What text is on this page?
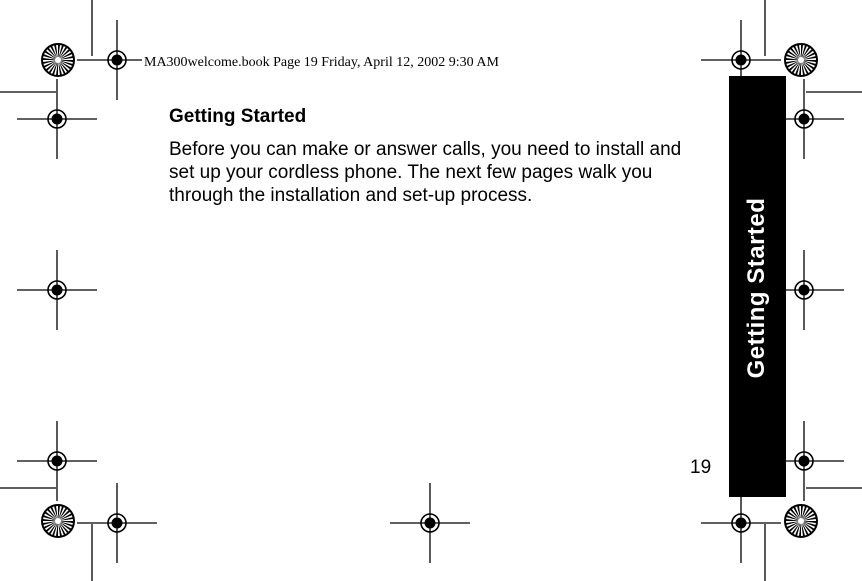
Getting Started
MA300welcome.book Page 19 Friday, April 12, 2002 9:30 AM
Getting Started
Before you can make or answer calls, you need to install and set up your cordless phone. The next few pages walk you through the installation and set-up process.
19
